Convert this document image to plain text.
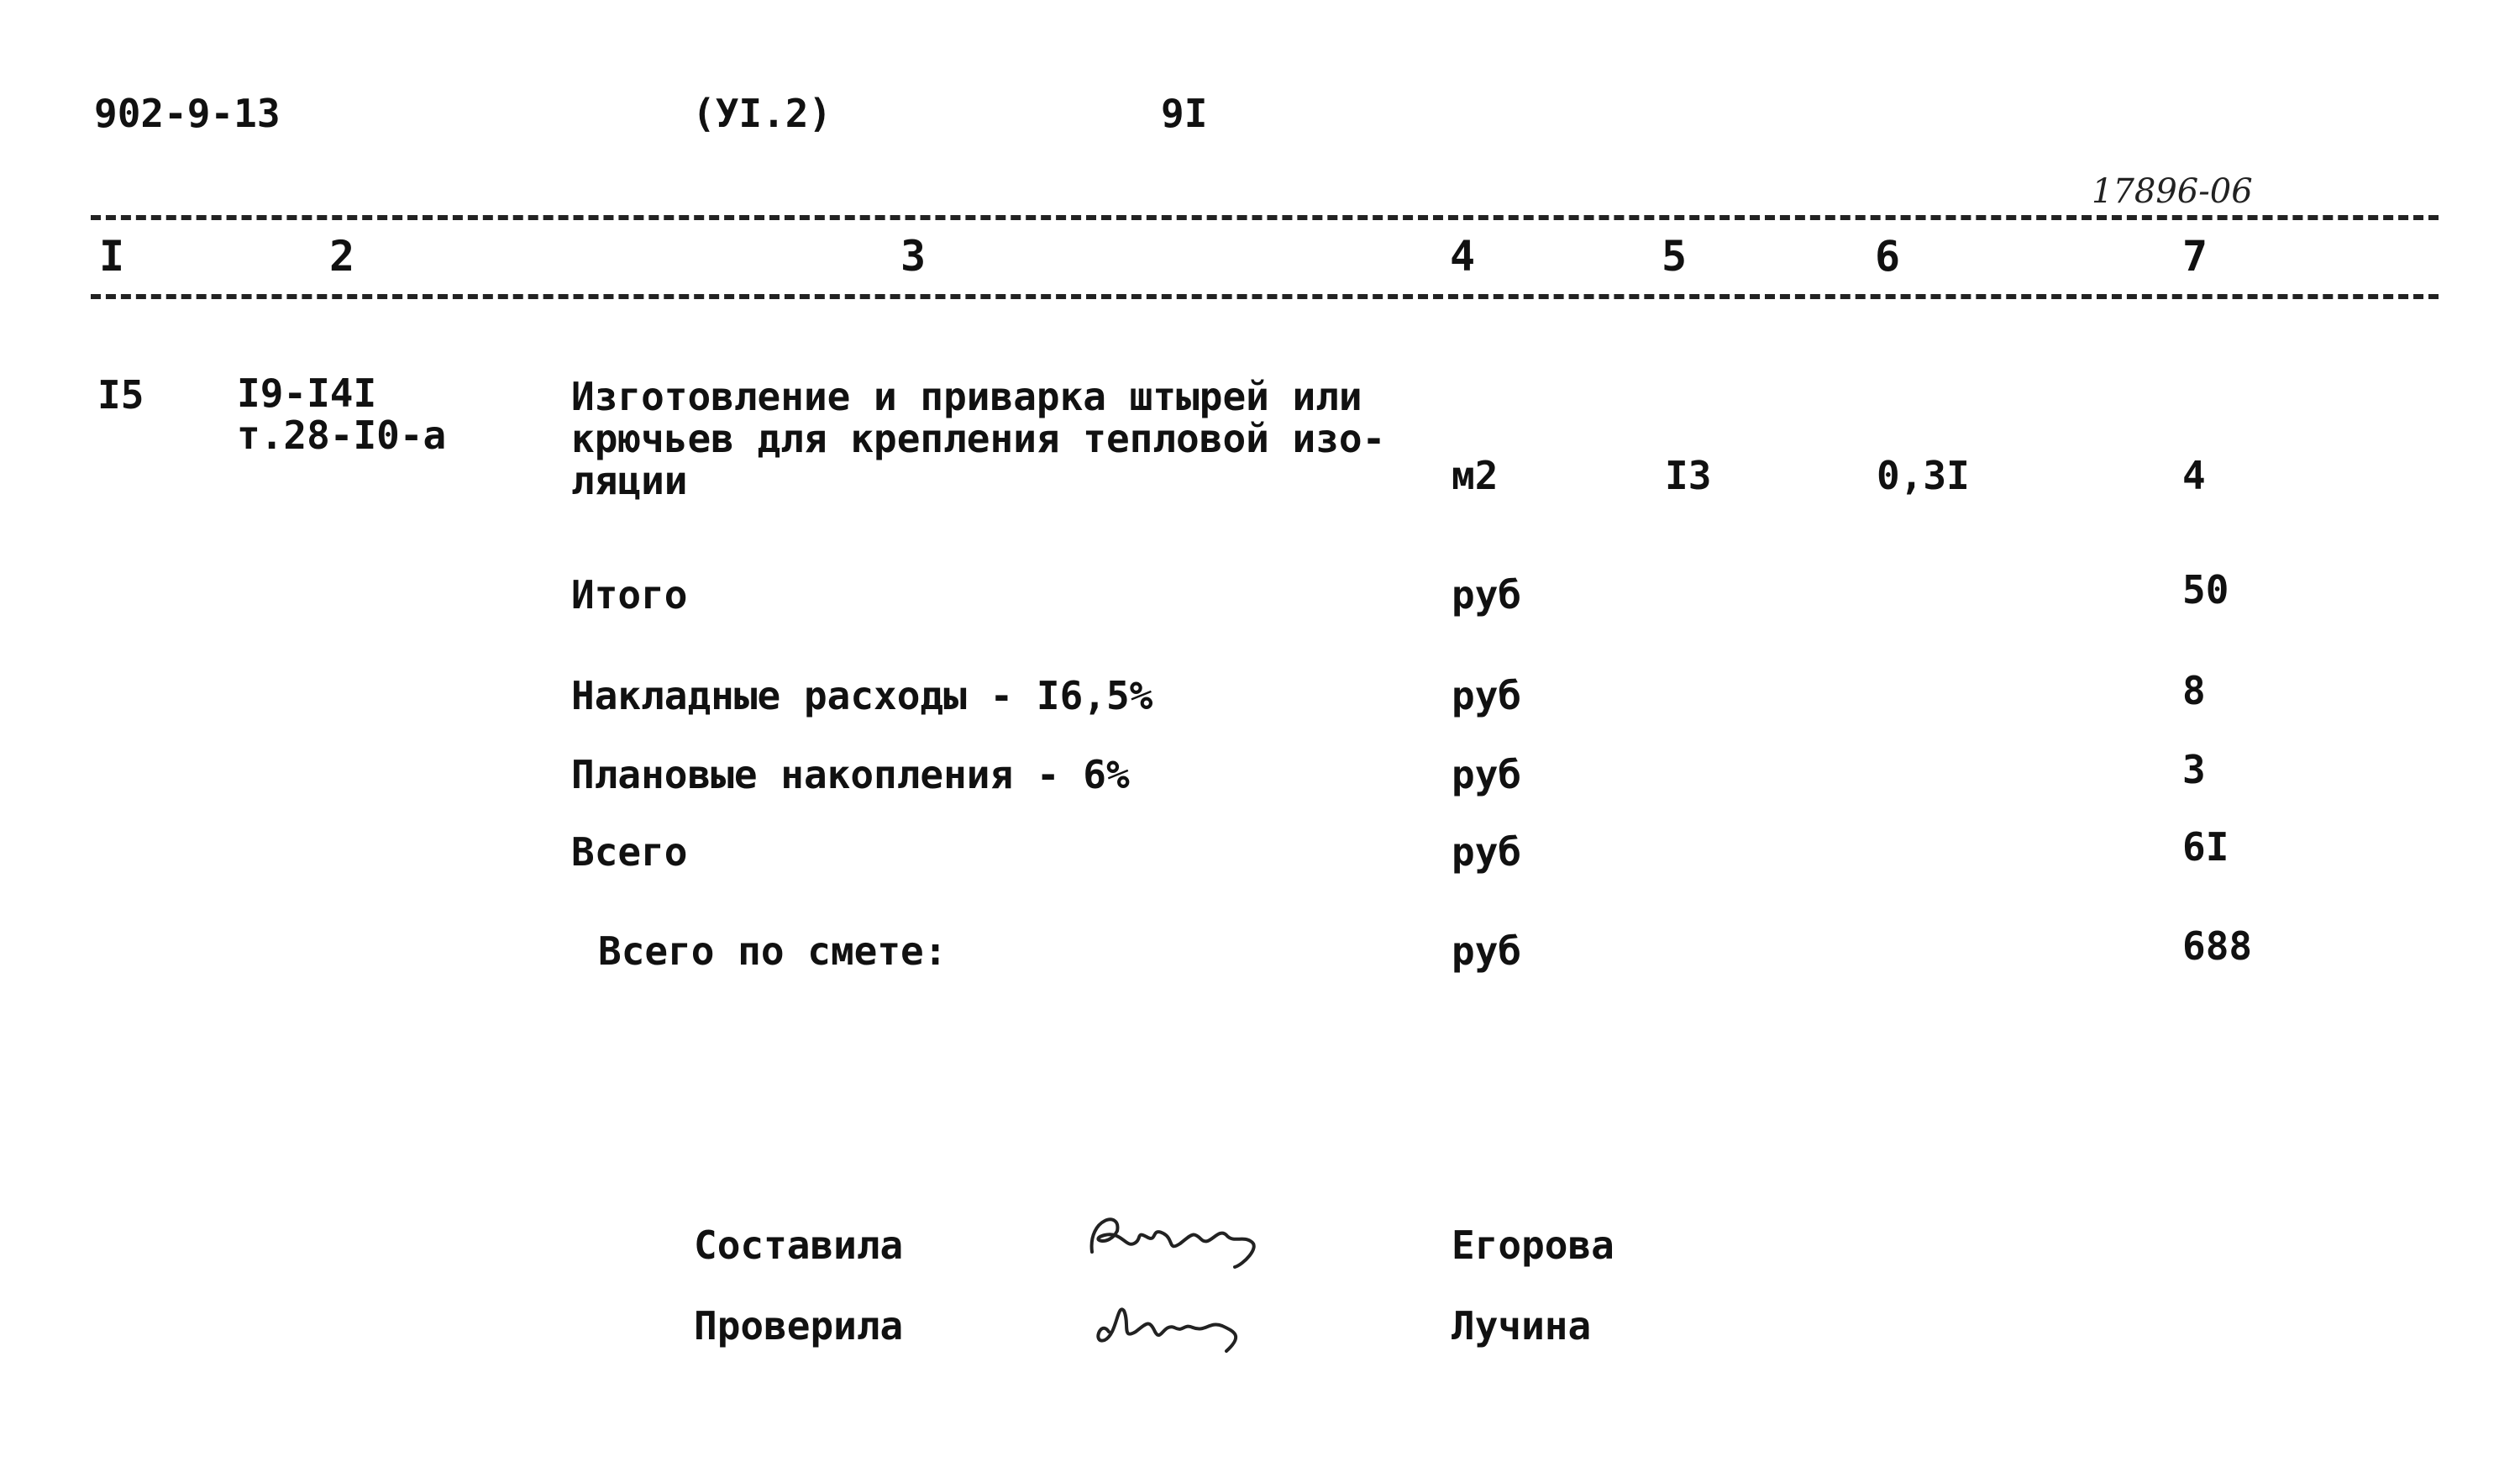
902-9-13	(УI.2)	9I
17896-06
I	2	3	4	5	6	7
I5 I9-I4I
т.28-I0-а
Изготовление и приварка штырей или
крючьев для крепления тепловой изо-
ляции	м2	I3	0,3I	4
Итого	руб	50
Накладные расходы - I6,5%	руб	8
Плановые накопления - 6%	руб	3
Всего	руб	6I
Всего по смете:	руб	688
Составила	Егорова
Проверила	Лучина
